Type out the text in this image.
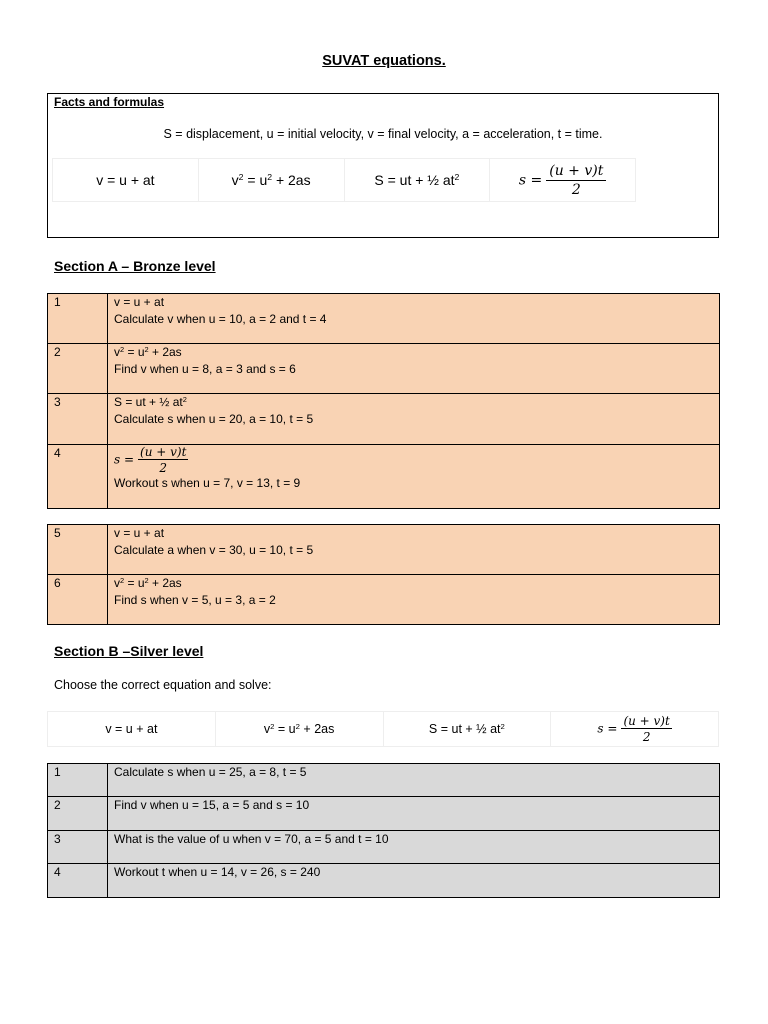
SUVAT equations.
Facts and formulas
S = displacement, u = initial velocity, v = final velocity, a = acceleration, t = time.
v = u + at	$v^2 = u^2 + 2as$	S = ut + ½ $at^2$	$s = \frac{(u + v)t}{2}$
Section A – Bronze level
1	v = u + at
Calculate v when u = 10, a = 2 and t = 4

2	$v^2 = u^2 + 2as$
Find v when u = 8, a = 3 and s = 6

3	S = ut + ½ $at^2$
Calculate s when u = 20, a = 10, t = 5

4	$s = \frac{(u + v)t}{2}$
Workout s when u = 7, v = 13, t = 9
5	v = u + at
Calculate a when v = 30, u = 10, t = 5

6	$v^2 = u^2 + 2as$
Find s when v = 5, u = 3, a = 2
Section B –Silver level
Choose the correct equation and solve:
v = u + at	$v^2 = u^2 + 2as$	S = ut + ½ $at^2$	$s = \frac{(u + v)t}{2}$
1	Calculate s when u = 25, a = 8, t = 5
2	Find v when u = 15, a = 5 and s = 10
3	What is the value of u when v = 70, a = 5 and t = 10
4	Workout t when u = 14, v = 26, s = 240
